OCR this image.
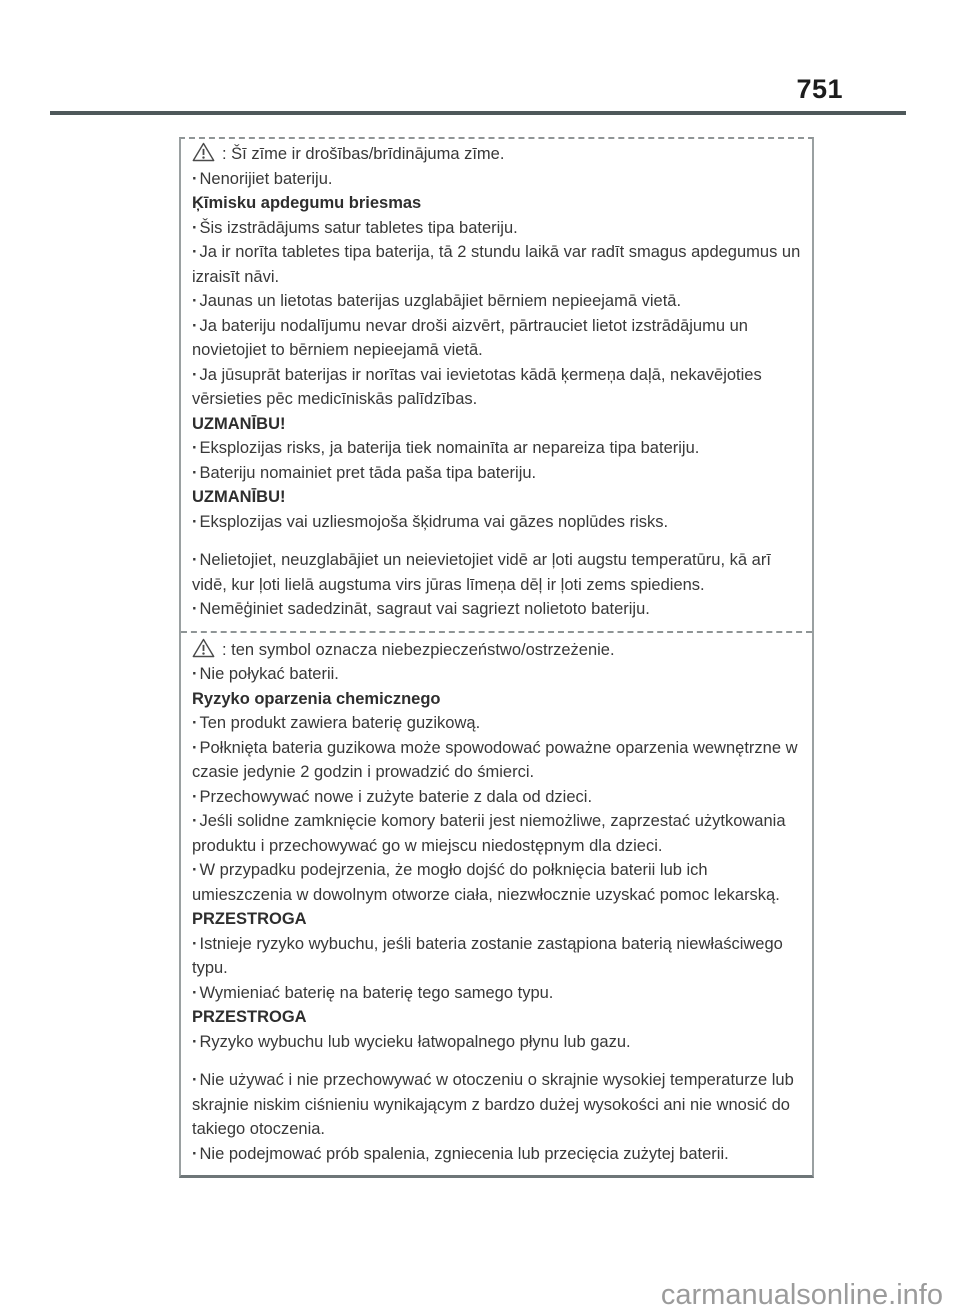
751
: Šī zīme ir drošības/brīdinājuma zīme.
· Nenorijiet bateriju.
Ķīmisku apdegumu briesmas
· Šis izstrādājums satur tabletes tipa bateriju.
· Ja ir norīta tabletes tipa baterija, tā 2 stundu laikā var radīt smagus apdegumus un izraisīt nāvi.
· Jaunas un lietotas baterijas uzglabājiet bērniem nepieejamā vietā.
· Ja bateriju nodalījumu nevar droši aizvērt, pārtrauciet lietot izstrādājumu un novietojiet to bērniem nepieejamā vietā.
· Ja jūsuprāt baterijas ir norītas vai ievietotas kādā ķermeņa daļā, nekavējoties vērsieties pēc medicīniskās palīdzības.
UZMANĪBU!
· Eksplozijas risks, ja baterija tiek nomainīta ar nepareiza tipa bateriju.
· Bateriju nomainiet pret tāda paša tipa bateriju.
UZMANĪBU!
· Eksplozijas vai uzliesmojoša šķidruma vai gāzes noplūdes risks.
· Nelietojiet, neuzglabājiet un neievietojiet vidē ar ļoti augstu temperatūru, kā arī vidē, kur ļoti lielā augstuma virs jūras līmeņa dēļ ir ļoti zems spiediens.
· Nemēģiniet sadedzināt, sagraut vai sagriezt nolietoto bateriju.
: ten symbol oznacza niebezpieczeństwo/ostrzeżenie.
· Nie połykać baterii.
Ryzyko oparzenia chemicznego
· Ten produkt zawiera baterię guzikową.
· Połknięta bateria guzikowa może spowodować poważne oparzenia wewnętrzne w czasie jedynie 2 godzin i prowadzić do śmierci.
· Przechowywać nowe i zużyte baterie z dala od dzieci.
· Jeśli solidne zamknięcie komory baterii jest niemożliwe, zaprzestać użytkowania produktu i przechowywać go w miejscu niedostępnym dla dzieci.
· W przypadku podejrzenia, że mogło dojść do połknięcia baterii lub ich umieszczenia w dowolnym otworze ciała, niezwłocznie uzyskać pomoc lekarską.
PRZESTROGA
· Istnieje ryzyko wybuchu, jeśli bateria zostanie zastąpiona baterią niewłaściwego typu.
· Wymieniać baterię na baterię tego samego typu.
PRZESTROGA
· Ryzyko wybuchu lub wycieku łatwopalnego płynu lub gazu.
· Nie używać i nie przechowywać w otoczeniu o skrajnie wysokiej temperaturze lub skrajnie niskim ciśnieniu wynikającym z bardzo dużej wysokości ani nie wnosić do takiego otoczenia.
· Nie podejmować prób spalenia, zgniecenia lub przecięcia zużytej baterii.
carmanualsonline.info
